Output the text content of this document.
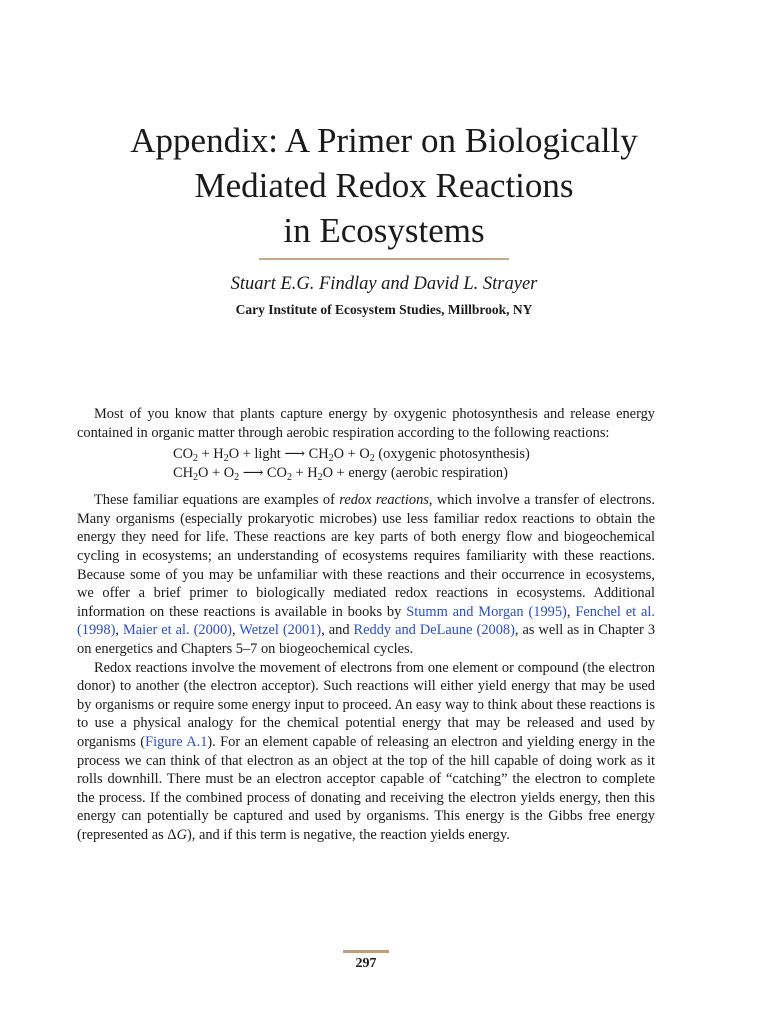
Appendix: A Primer on Biologically
Mediated Redox Reactions
in Ecosystems
Stuart E.G. Findlay and David L. Strayer
Cary Institute of Ecosystem Studies, Millbrook, NY

Most of you know that plants capture energy by oxygenic photosynthesis and release energy contained in organic matter through aerobic respiration according to the following reactions:

$CO_2 + H_2O$ + light ⟶ $CH_2O + O_2$ (oxygenic photosynthesis)
$CH_2O + O_2$ ⟶ $CO_2 + H_2O$ + energy (aerobic respiration)

These familiar equations are examples of redox reactions, which involve a transfer of electrons. Many organisms (especially prokaryotic microbes) use less familiar redox reactions to obtain the energy they need for life. These reactions are key parts of both energy flow and biogeochemical cycling in ecosystems; an understanding of ecosystems requires familiarity with these reactions. Because some of you may be unfamiliar with these reactions and their occurrence in ecosystems, we offer a brief primer to biologically mediated redox reactions in ecosystems. Additional information on these reactions is available in books by Stumm and Morgan (1995), Fenchel et al. (1998), Maier et al. (2000), Wetzel (2001), and Reddy and DeLaune (2008), as well as in Chapter 3 on energetics and Chapters 5–7 on biogeochemical cycles.

Redox reactions involve the movement of electrons from one element or compound (the electron donor) to another (the electron acceptor). Such reactions will either yield energy that may be used by organisms or require some energy input to proceed. An easy way to think about these reactions is to use a physical analogy for the chemical potential energy that may be released and used by organisms (Figure A.1). For an element capable of releasing an electron and yielding energy in the process we can think of that electron as an object at the top of the hill capable of doing work as it rolls downhill. There must be an electron acceptor capable of “catching” the electron to complete the process. If the combined process of donating and receiving the electron yields energy, then this energy can potentially be captured and used by organisms. This energy is the Gibbs free energy (represented as ΔG), and if this term is negative, the reaction yields energy.

297
